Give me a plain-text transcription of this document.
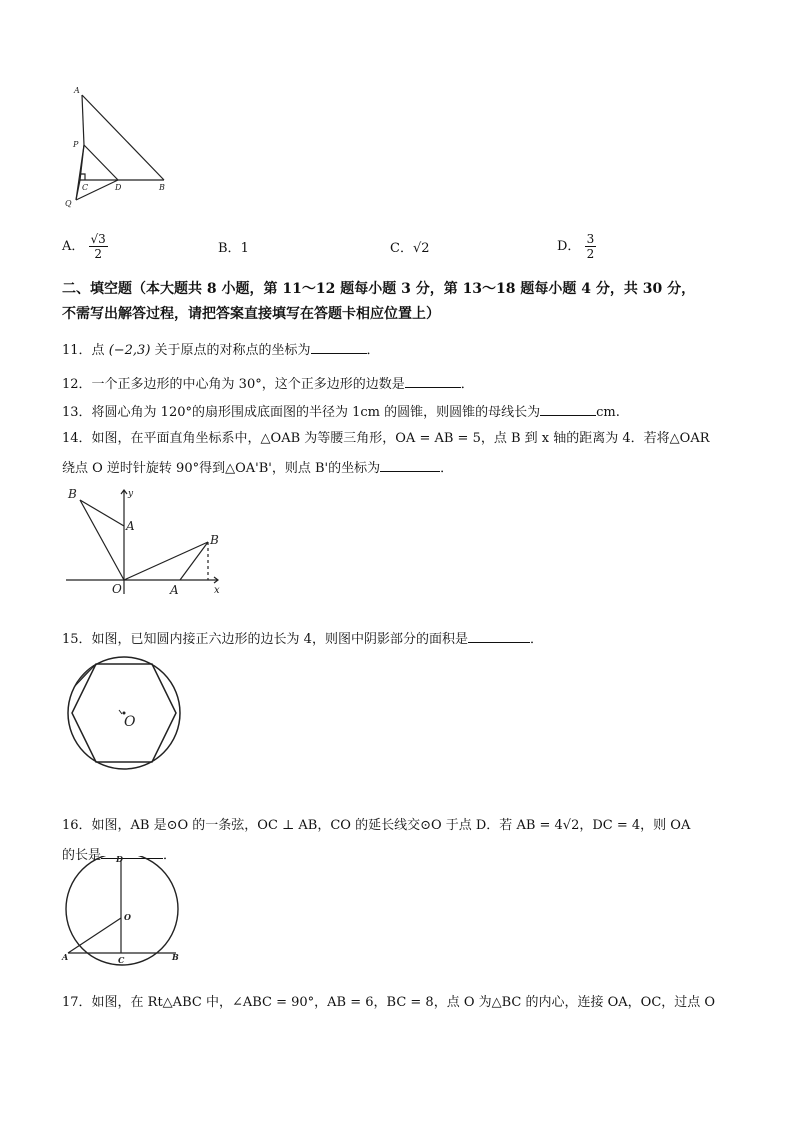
A
P
C	D	B
Q
A． $\frac{√3}{2}$	B．1	C．√2	D． $\frac{3}{2}$
二、填空题（本大题共 8 小题，第 11～12 题每小题 3 分，第 13～18 题每小题 4 分，共 30 分，
不需写出解答过程，请把答案直接填写在答题卡相应位置上）
11．点 (−2,3) 关于原点的对称点的坐标为	．
12．一个正多边形的中心角为 30°，这个正多边形的边数是	．
13．将圆心角为 120°的扇形围成底面图的半径为 1cm 的圆锥，则圆锥的母线长为	cm.
14．如图，在平面直角坐标系中，△OAB 为等腰三角形，OA = AB = 5，点 B 到 x 轴的距离为 4．若将△OAR
绕点 O 逆时针旋转 90°得到△OA'B'，则点 B'的坐标为	．
B	y
A
B
O	A	x
15．如图，已知圆内接正六边形的边长为 4，则图中阴影部分的面积是	．
O
16．如图，AB 是⊙O 的一条弦，OC ⊥ AB，CO 的延长线交⊙O 于点 D．若 AB = 4√2，DC = 4，则 OA
的长是	．
D
O
A	C	B
17．如图，在 Rt△ABC 中，∠ABC = 90°，AB = 6，BC = 8，点 O 为△BC 的内心，连接 OA，OC，过点 O
